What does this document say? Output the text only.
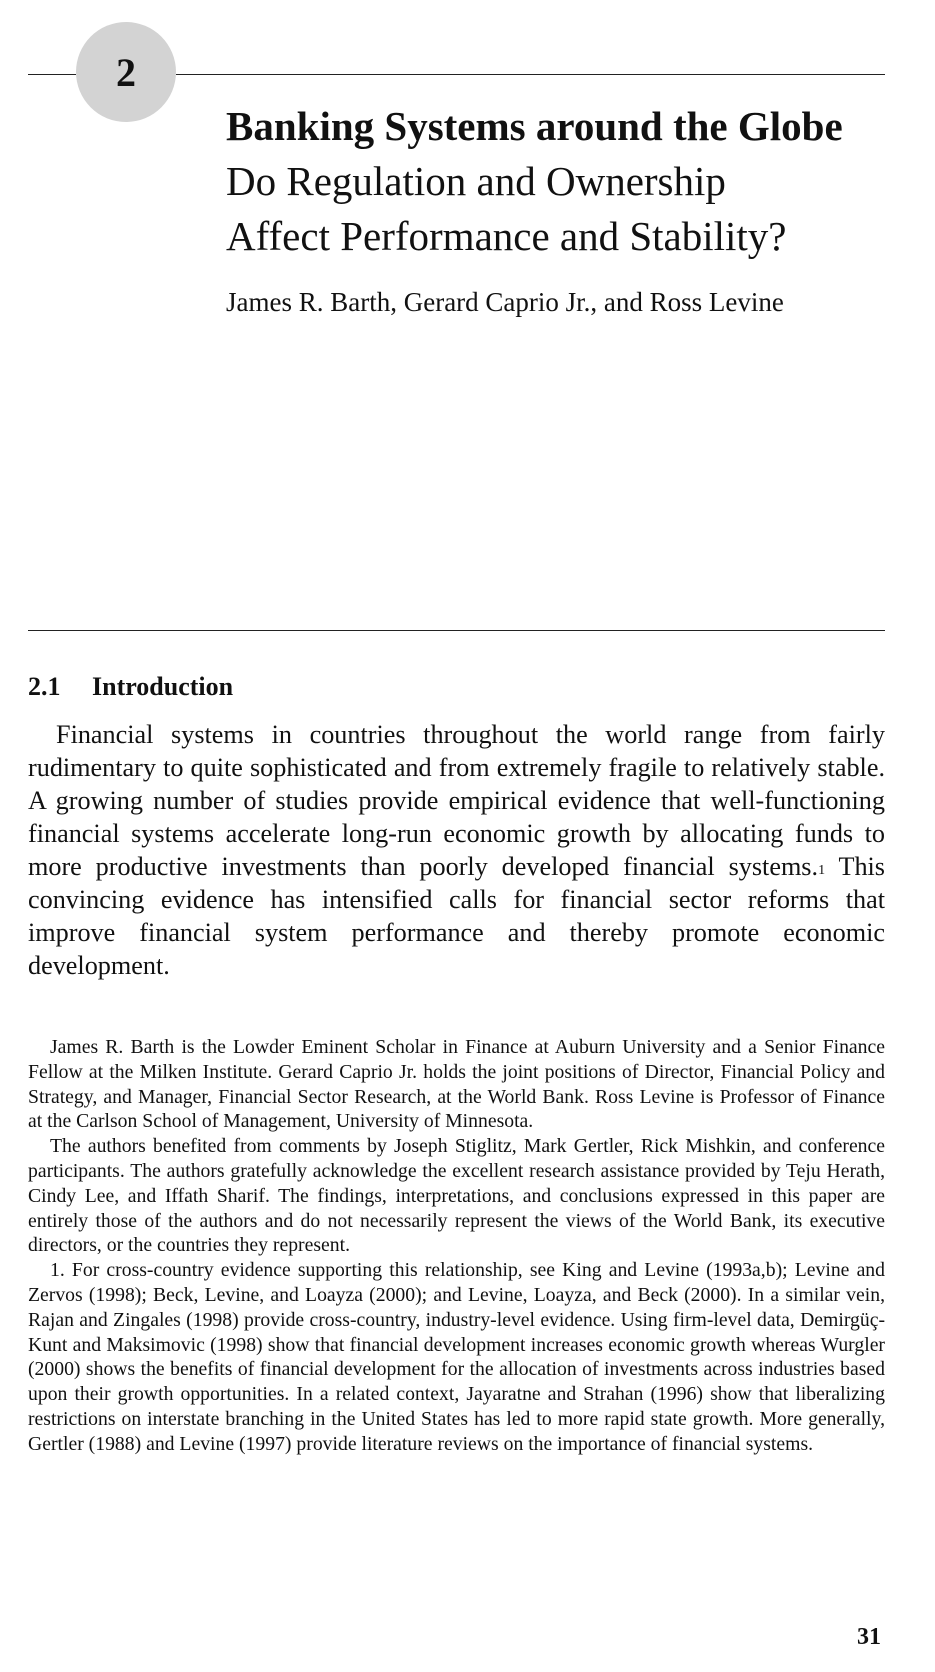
2

Banking Systems around the Globe

Do Regulation and Ownership
Affect Performance and Stability?

James R. Barth, Gerard Caprio Jr., and Ross Levine

2.1 Introduction

Financial systems in countries throughout the world range from fairly rudimentary to quite sophisticated and from extremely fragile to relatively stable. A growing number of studies provide empirical evidence that well-functioning financial systems accelerate long-run economic growth by allocating funds to more productive investments than poorly developed financial systems.$^1$ This convincing evidence has intensified calls for financial sector reforms that improve financial system performance and thereby promote economic development.

James R. Barth is the Lowder Eminent Scholar in Finance at Auburn University and a Senior Finance Fellow at the Milken Institute. Gerard Caprio Jr. holds the joint positions of Director, Financial Policy and Strategy, and Manager, Financial Sector Research, at the World Bank. Ross Levine is Professor of Finance at the Carlson School of Management, University of Minnesota.

The authors benefited from comments by Joseph Stiglitz, Mark Gertler, Rick Mishkin, and conference participants. The authors gratefully acknowledge the excellent research assistance provided by Teju Herath, Cindy Lee, and Iffath Sharif. The findings, interpretations, and conclusions expressed in this paper are entirely those of the authors and do not necessarily represent the views of the World Bank, its executive directors, or the countries they represent.

1. For cross-country evidence supporting this relationship, see King and Levine (1993a,b); Levine and Zervos (1998); Beck, Levine, and Loayza (2000); and Levine, Loayza, and Beck (2000). In a similar vein, Rajan and Zingales (1998) provide cross-country, industry-level evidence. Using firm-level data, Demirgüç-Kunt and Maksimovic (1998) show that financial development increases economic growth whereas Wurgler (2000) shows the benefits of financial development for the allocation of investments across industries based upon their growth opportunities. In a related context, Jayaratne and Strahan (1996) show that liberalizing restrictions on interstate branching in the United States has led to more rapid state growth. More generally, Gertler (1988) and Levine (1997) provide literature reviews on the importance of financial systems.

31
